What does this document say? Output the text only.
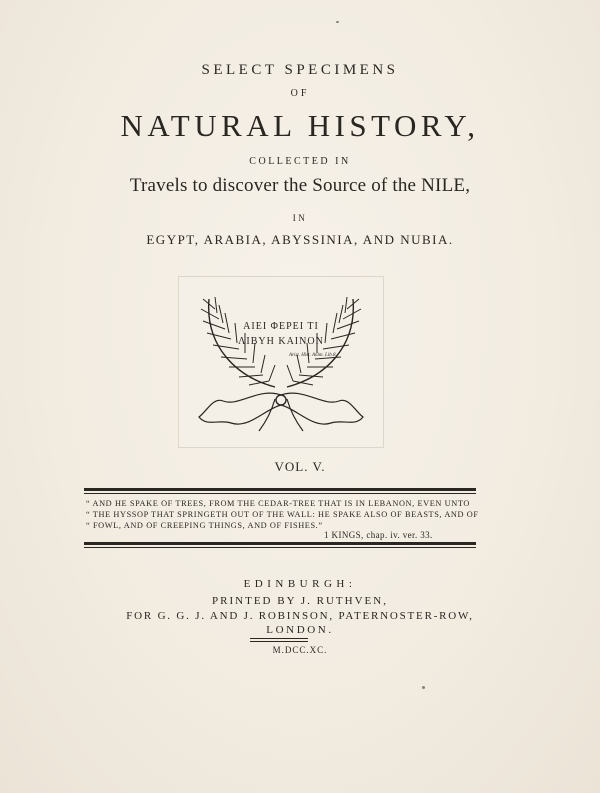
SELECT SPECIMENS
OF
NATURAL HISTORY,
COLLECTED IN
Travels to discover the Source of the NILE,
IN
EGYPT, ARABIA, ABYSSINIA, AND NUBIA.
ΑΙΕΙ ΦΕΡΕΙ ΤΙ
ΛΙΒΥΗ ΚΑΙΝΟΝ
Arist. Hist. Anim. Lib.8.
VOL. V.
“ AND HE SPAKE OF TREES, FROM THE CEDAR-TREE THAT IS IN LEBANON, EVEN UNTO
“ THE HYSSOP THAT SPRINGETH OUT OF THE WALL: HE SPAKE ALSO OF BEASTS, AND OF
“ FOWL, AND OF CREEPING THINGS, AND OF FISHES.”
1 KINGS, chap. iv. ver. 33.
EDINBURGH:
PRINTED BY J. RUTHVEN,
FOR G. G. J. AND J. ROBINSON, PATERNOSTER-ROW,
LONDON.
M.DCC.XC.
